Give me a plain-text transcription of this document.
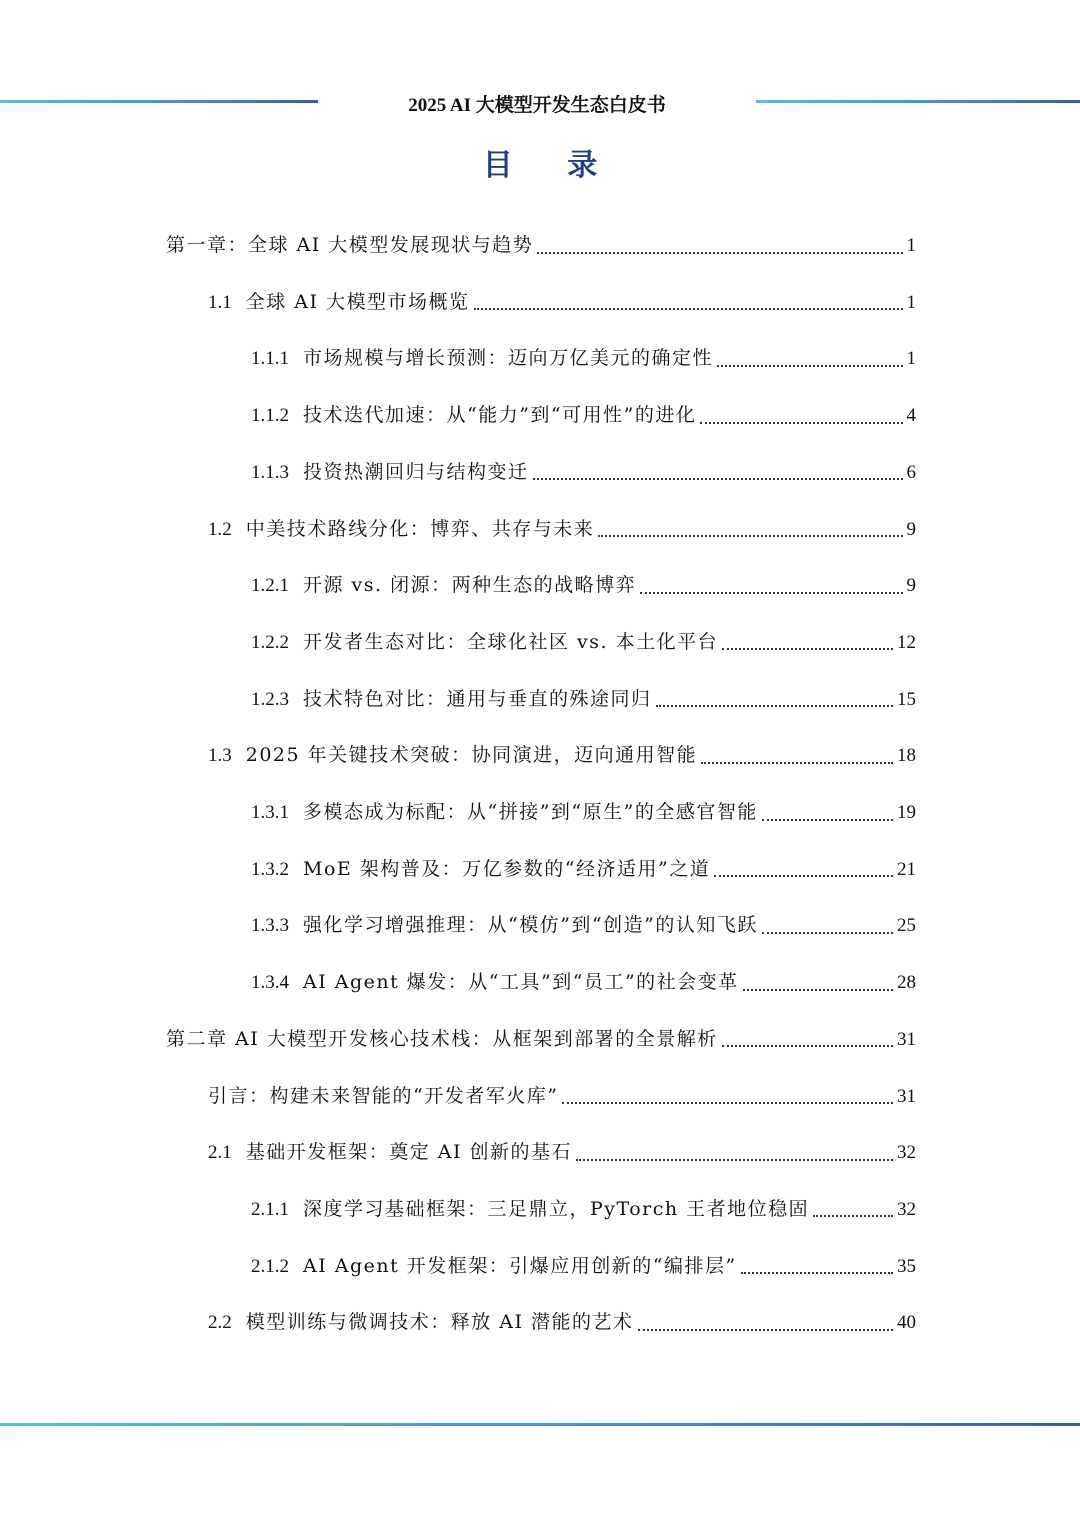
2025 AI 大模型开发生态白皮书
目 录
第一章：全球 AI 大模型发展现状与趋势	1
1.1 全球 AI 大模型市场概览	1
1.1.1 市场规模与增长预测：迈向万亿美元的确定性	1
1.1.2 技术迭代加速：从“能力”到“可用性”的进化	4
1.1.3 投资热潮回归与结构变迁	6
1.2 中美技术路线分化：博弈、共存与未来	9
1.2.1 开源 vs. 闭源：两种生态的战略博弈	9
1.2.2 开发者生态对比：全球化社区 vs. 本土化平台	12
1.2.3 技术特色对比：通用与垂直的殊途同归	15
1.3 2025 年关键技术突破：协同演进，迈向通用智能	18
1.3.1 多模态成为标配：从“拼接”到“原生”的全感官智能	19
1.3.2 MoE 架构普及：万亿参数的“经济适用”之道	21
1.3.3 强化学习增强推理：从“模仿”到“创造”的认知飞跃	25
1.3.4 AI Agent 爆发：从“工具”到“员工”的社会变革	28
第二章 AI 大模型开发核心技术栈：从框架到部署的全景解析	31
引言：构建未来智能的“开发者军火库”	31
2.1 基础开发框架：奠定 AI 创新的基石	32
2.1.1 深度学习基础框架：三足鼎立，PyTorch 王者地位稳固	32
2.1.2 AI Agent 开发框架：引爆应用创新的“编排层”	35
2.2 模型训练与微调技术：释放 AI 潜能的艺术	40
